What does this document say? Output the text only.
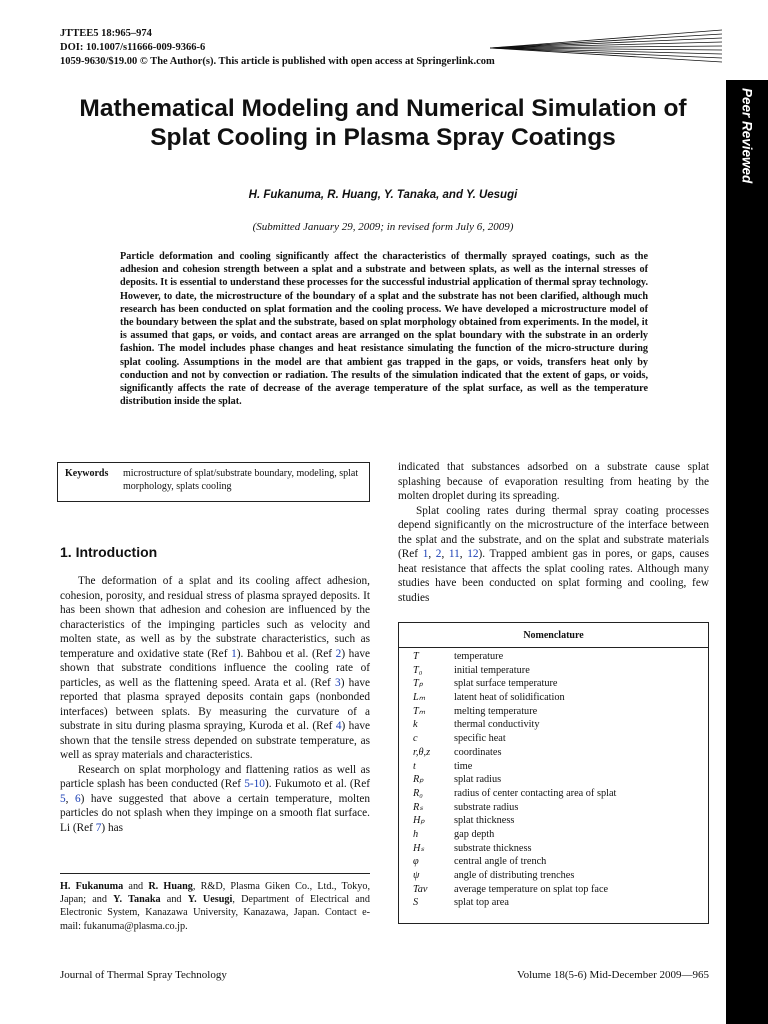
JTTEE5 18:965–974
DOI: 10.1007/s11666-009-9366-6
1059-9630/$19.00 © The Author(s). This article is published with open access at Springerlink.com
Peer Reviewed
Mathematical Modeling and Numerical Simulation of Splat Cooling in Plasma Spray Coatings
H. Fukanuma, R. Huang, Y. Tanaka, and Y. Uesugi
(Submitted January 29, 2009; in revised form July 6, 2009)
Particle deformation and cooling significantly affect the characteristics of thermally sprayed coatings, such as the adhesion and cohesion strength between a splat and a substrate and between splats, as well as the internal stresses of deposits. It is essential to understand these processes for the successful industrial application of thermal spray technology. However, to date, the microstructure of the boundary of a splat and the substrate has not been clarified, although much research has been conducted on splat formation and the cooling process. We have developed a microstructure model of the boundary between the splat and the substrate, based on splat morphology obtained from experiments. In the model, it is assumed that gaps, or voids, and contact areas are arranged on the splat boundary with the substrate in an orderly fashion. The model includes phase changes and heat resistance simulating the function of the micro-structure during splat cooling. Assumptions in the model are that ambient gas trapped in the gaps, or voids, transfers heat only by conduction and not by convection or radiation. The results of the simulation indicated that the extent of gaps, or voids, significantly affects the rate of decrease of the average temperature of the splat surface, as well as the temperature distribution inside the splat.
Keywords microstructure of splat/substrate boundary, modeling, splat morphology, splats cooling
1. Introduction

The deformation of a splat and its cooling affect adhesion, cohesion, porosity, and residual stress of plasma sprayed deposits. It has been shown that adhesion and cohesion are influenced by the characteristics of the impinging particles such as velocity and molten state, as well as by the substrate characteristics, such as temperature and oxidative state (Ref 1). Bahbou et al. (Ref 2) have shown that substrate conditions influence the cooling rate of particles, as well as the flattening speed. Arata et al. (Ref 3) have reported that plasma sprayed deposits contain gaps (nonbonded interfaces) between splats. By measuring the curvature of a substrate in situ during plasma spraying, Kuroda et al. (Ref 4) have shown that the tensile stress depended on substrate temperature, as well as spray materials and characteristics.

Research on splat morphology and flattening ratios as well as particle splash has been conducted (Ref 5-10). Fukumoto et al. (Ref 5, 6) have suggested that above a certain temperature, molten particles do not splash when they impinge on a smooth flat surface. Li (Ref 7) has

indicated that substances adsorbed on a substrate cause splat splashing because of evaporation resulting from heating by the molten droplet during its spreading.

Splat cooling rates during thermal spray coating processes depend significantly on the microstructure of the interface between the splat and the substrate, and on the splat and substrate materials (Ref 1, 2, 11, 12). Trapped ambient gas in pores, or gaps, causes heat resistance that affects the splat cooling rates. Although many studies have been conducted on splat forming and cooling, few studies

H. Fukanuma and R. Huang, R&D, Plasma Giken Co., Ltd., Tokyo, Japan; and Y. Tanaka and Y. Uesugi, Department of Electrical and Electronic System, Kanazawa University, Kanazawa, Japan. Contact e-mail: fukanuma@plasma.co.jp.
Nomenclature
T	temperature
T₀	initial temperature
Tₚ	splat surface temperature
Lₘ	latent heat of solidification
Tₘ	melting temperature
k	thermal conductivity
c	specific heat
r,θ,z	coordinates
t	time
Rₚ	splat radius
R₀	radius of center contacting area of splat
Rₛ	substrate radius
Hₚ	splat thickness
h	gap depth
Hₛ	substrate thickness
φ	central angle of trench
ψ	angle of distributing trenches
Tav	average temperature on splat top face
S	splat top area
Journal of Thermal Spray Technology	Volume 18(5-6) Mid-December 2009—965
